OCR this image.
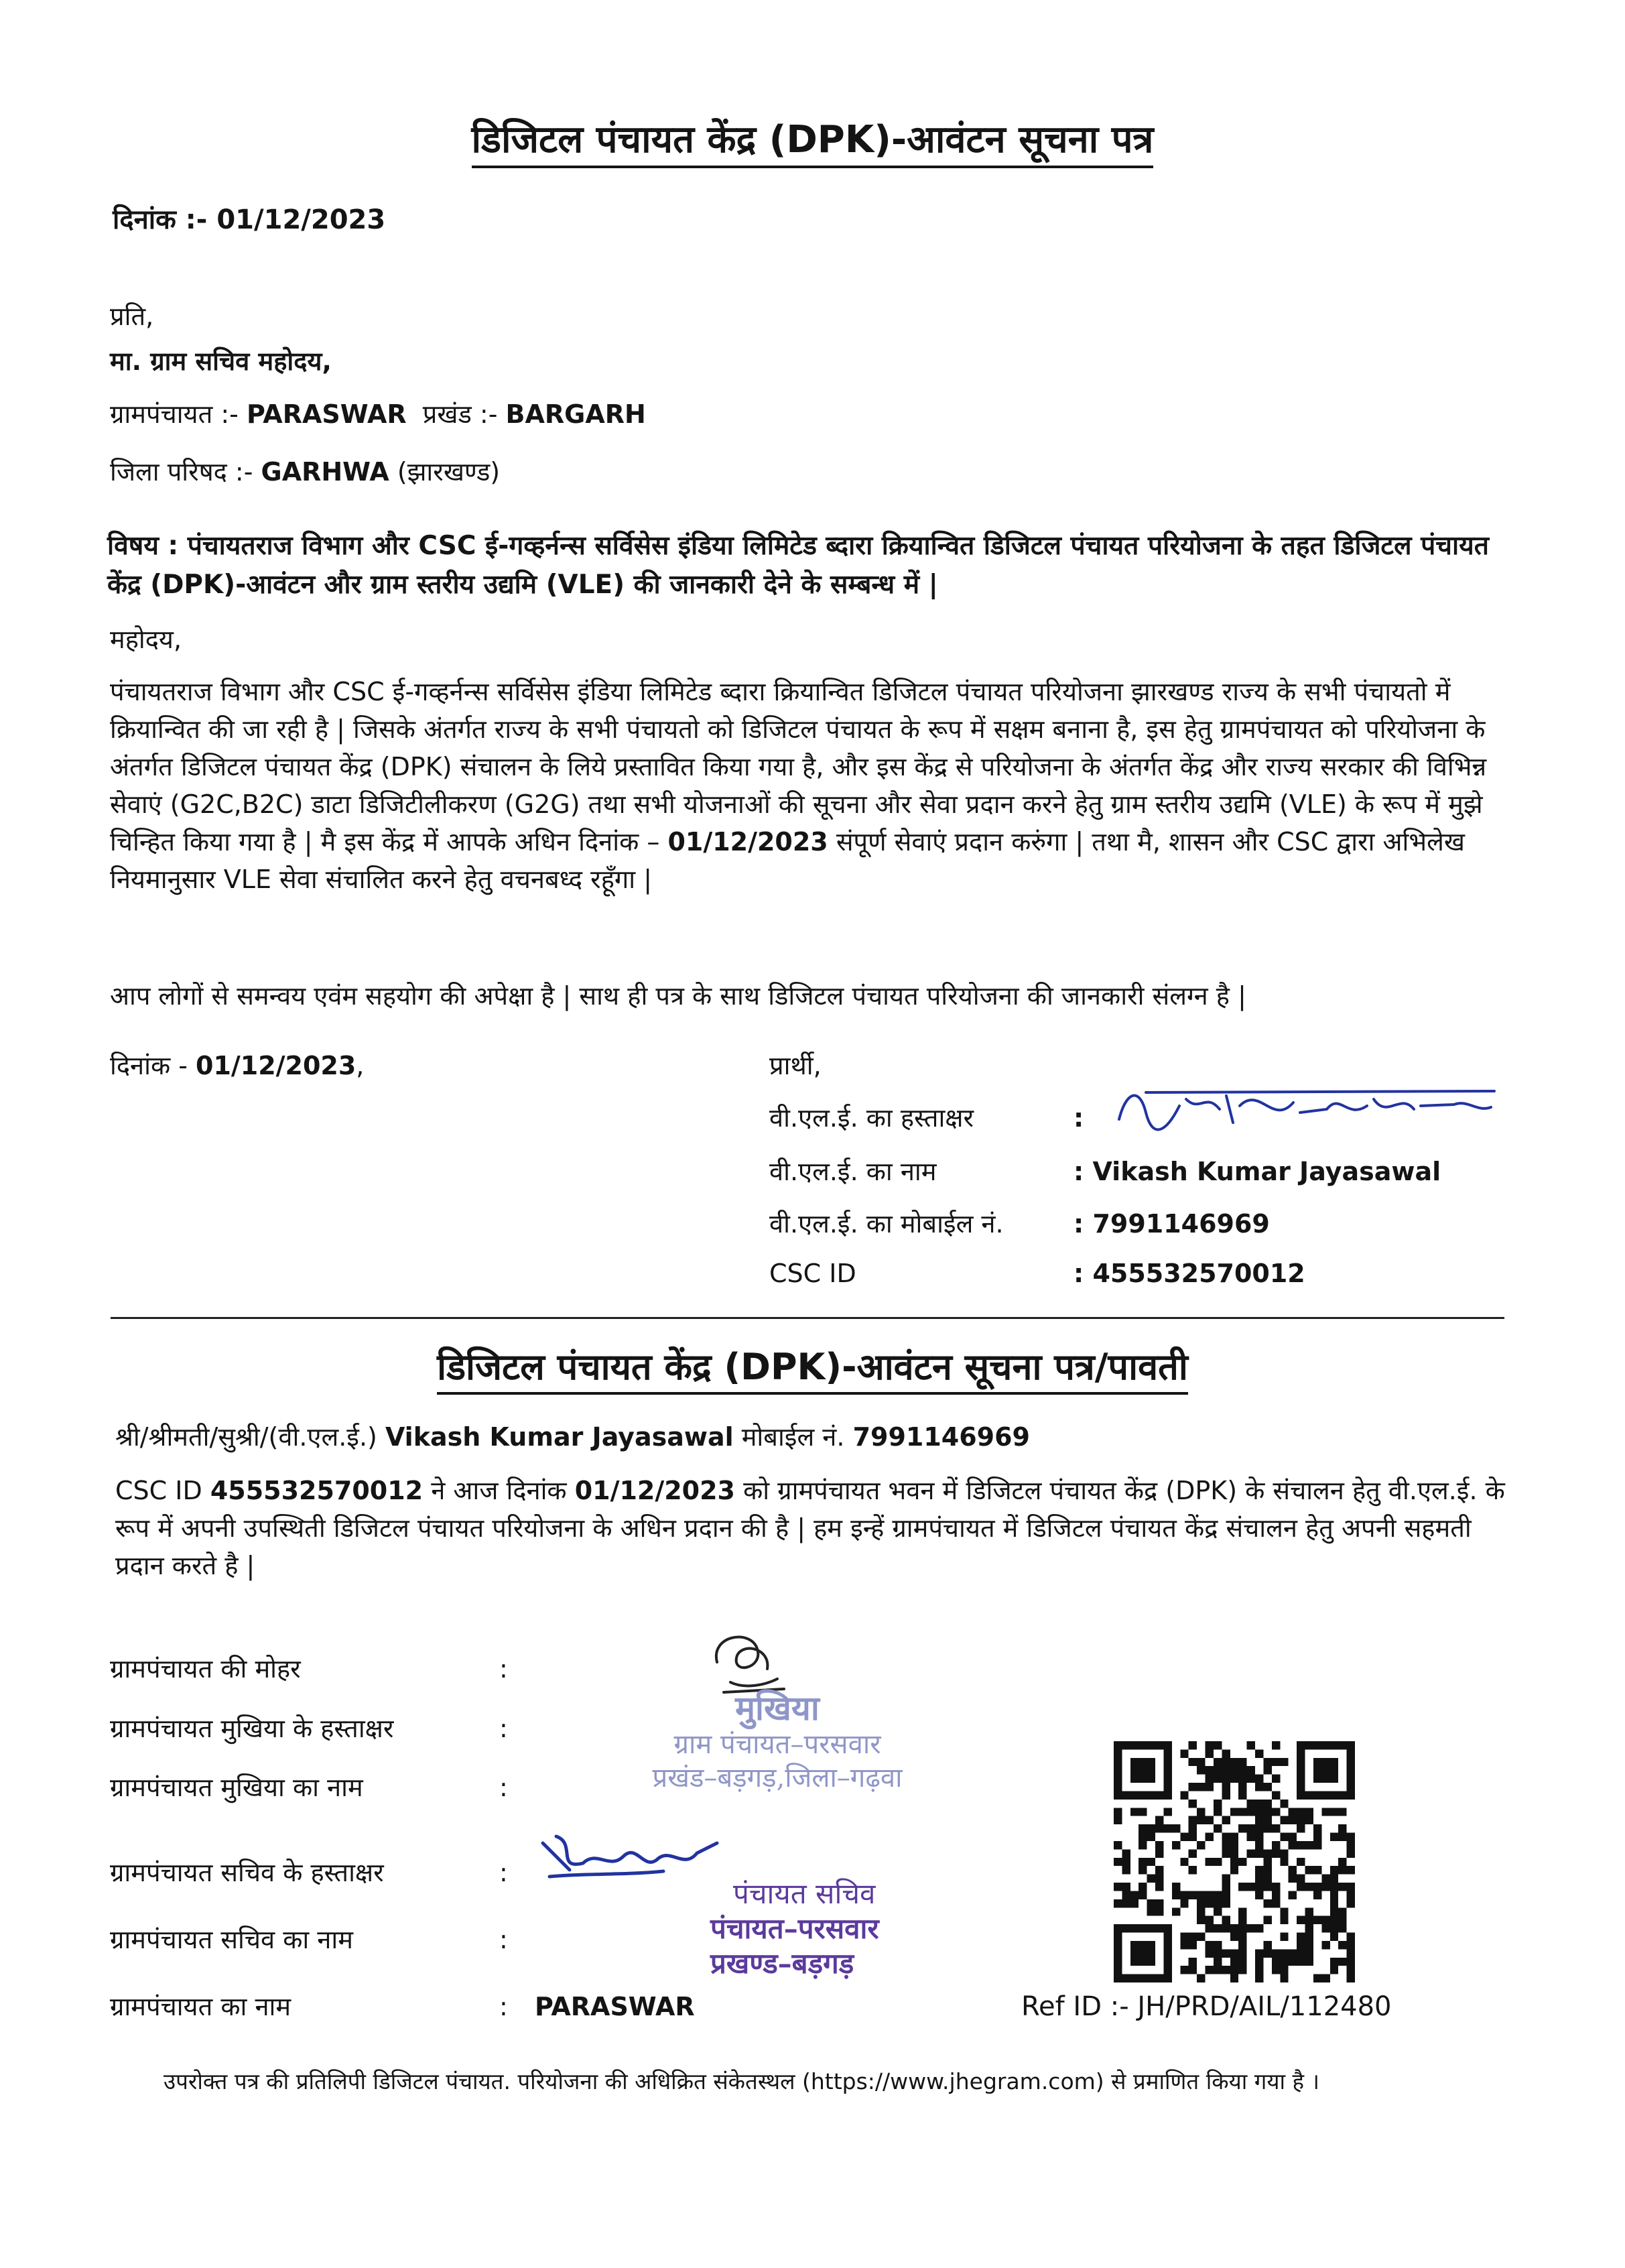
डिजिटल पंचायत केंद्र (DPK)-आवंटन सूचना पत्र
दिनांक :- 01/12/2023
प्रति,
मा. ग्राम सचिव महोदय,
ग्रामपंचायत :- PARASWAR प्रखंड :- BARGARH
जिला परिषद :- GARHWA (झारखण्ड)
विषय : पंचायतराज विभाग और CSC ई-गव्हर्नन्स सर्विसेस इंडिया लिमिटेड ब्दारा क्रियान्वित डिजिटल पंचायत परियोजना के तहत डिजिटल पंचायत केंद्र (DPK)-आवंटन और ग्राम स्तरीय उद्यमि (VLE) की जानकारी देने के सम्बन्ध में |
महोदय,
पंचायतराज विभाग और CSC ई-गव्हर्नन्स सर्विसेस इंडिया लिमिटेड ब्दारा क्रियान्वित डिजिटल पंचायत परियोजना झारखण्ड राज्य के सभी पंचायतो में क्रियान्वित की जा रही है | जिसके अंतर्गत राज्य के सभी पंचायतो को डिजिटल पंचायत के रूप में सक्षम बनाना है, इस हेतु ग्रामपंचायत को परियोजना के अंतर्गत डिजिटल पंचायत केंद्र (DPK) संचालन के लिये प्रस्तावित किया गया है, और इस केंद्र से परियोजना के अंतर्गत केंद्र और राज्य सरकार की विभिन्न सेवाएं (G2C,B2C) डाटा डिजिटीलीकरण (G2G) तथा सभी योजनाओं की सूचना और सेवा प्रदान करने हेतु ग्राम स्तरीय उद्यमि (VLE) के रूप में मुझे चिन्हित किया गया है | मै इस केंद्र में आपके अधिन दिनांक – 01/12/2023 संपूर्ण सेवाएं प्रदान करुंगा | तथा मै, शासन और CSC द्वारा अभिलेख नियमानुसार VLE सेवा संचालित करने हेतु वचनबध्द रहूँगा |
आप लोगों से समन्वय एवंम सहयोग की अपेक्षा है | साथ ही पत्र के साथ डिजिटल पंचायत परियोजना की जानकारी संलग्न है |
दिनांक - 01/12/2023,	प्रार्थी,
वी.एल.ई. का हस्ताक्षर	:
वी.एल.ई. का नाम	: Vikash Kumar Jayasawal
वी.एल.ई. का मोबाईल नं.	: 7991146969
CSC ID	: 455532570012
डिजिटल पंचायत केंद्र (DPK)-आवंटन सूचना पत्र/पावती
श्री/श्रीमती/सुश्री/(वी.एल.ई.) Vikash Kumar Jayasawal मोबाईल नं. 7991146969
CSC ID 455532570012 ने आज दिनांक 01/12/2023 को ग्रामपंचायत भवन में डिजिटल पंचायत केंद्र (DPK) के संचालन हेतु वी.एल.ई. के रूप में अपनी उपस्थिती डिजिटल पंचायत परियोजना के अधिन प्रदान की है | हम इन्हें ग्रामपंचायत में डिजिटल पंचायत केंद्र संचालन हेतु अपनी सहमती प्रदान करते है |
ग्रामपंचायत की मोहर	:
ग्रामपंचायत मुखिया के हस्ताक्षर	:
ग्रामपंचायत मुखिया का नाम	:
ग्रामपंचायत सचिव के हस्ताक्षर	:
ग्रामपंचायत सचिव का नाम	:
ग्रामपंचायत का नाम	: PARASWAR
मुखिया
ग्राम पंचायत–परसवार
प्रखंड–बड़गड़,जिला–गढ़वा
पंचायत सचिव
पंचायत–परसवार
प्रखण्ड–बड़गड़
Ref ID :- JH/PRD/AIL/112480
उपरोक्त पत्र की प्रतिलिपी डिजिटल पंचायत. परियोजना की अधिक्रित संकेतस्थल (https://www.jhegram.com) से प्रमाणित किया गया है ।
